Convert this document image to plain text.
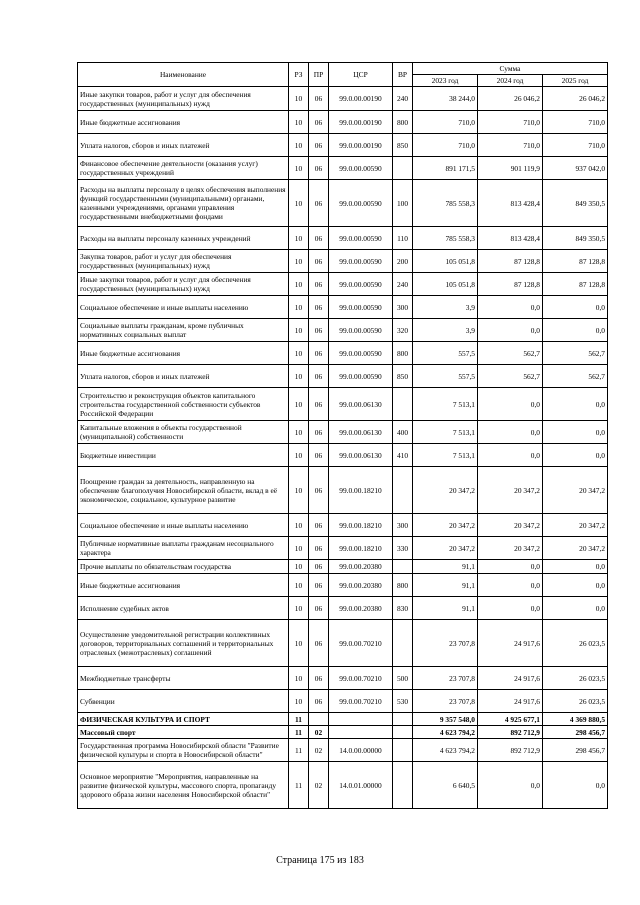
Наименование	РЗ	ПР	ЦСР	ВР	Сумма		
					2023 год	2024 год	2025 год
Иные закупки товаров, работ и услуг для обеспечения государственных (муниципальных) нужд	10	06	99.0.00.00190	240	38 244,0	26 046,2	26 046,2
Иные бюджетные ассигнования	10	06	99.0.00.00190	800	710,0	710,0	710,0
Уплата налогов, сборов и иных платежей	10	06	99.0.00.00190	850	710,0	710,0	710,0
Финансовое обеспечение деятельности (оказания услуг) государственных учреждений	10	06	99.0.00.00590		891 171,5	901 119,9	937 042,0
Расходы на выплаты персоналу в целях обеспечения выполнения функций государственными (муниципальными) органами, казенными учреждениями, органами управления государственными внебюджетными фондами	10	06	99.0.00.00590	100	785 558,3	813 428,4	849 350,5
Расходы на выплаты персоналу казенных учреждений	10	06	99.0.00.00590	110	785 558,3	813 428,4	849 350,5
Закупка товаров, работ и услуг для обеспечения государственных (муниципальных) нужд	10	06	99.0.00.00590	200	105 051,8	87 128,8	87 128,8
Иные закупки товаров, работ и услуг для обеспечения государственных (муниципальных) нужд	10	06	99.0.00.00590	240	105 051,8	87 128,8	87 128,8
Социальное обеспечение и иные выплаты населению	10	06	99.0.00.00590	300	3,9	0,0	0,0
Социальные выплаты гражданам, кроме публичных нормативных социальных выплат	10	06	99.0.00.00590	320	3,9	0,0	0,0
Иные бюджетные ассигнования	10	06	99.0.00.00590	800	557,5	562,7	562,7
Уплата налогов, сборов и иных платежей	10	06	99.0.00.00590	850	557,5	562,7	562,7
Строительство и реконструкция объектов капитального строительства государственной собственности субъектов Российской Федерации	10	06	99.0.00.06130		7 513,1	0,0	0,0
Капитальные вложения в объекты государственной (муниципальной) собственности	10	06	99.0.00.06130	400	7 513,1	0,0	0,0
Бюджетные инвестиции	10	06	99.0.00.06130	410	7 513,1	0,0	0,0
Поощрение граждан за деятельность, направленную на обеспечение благополучия Новосибирской области, вклад в её экономическое, социальное, культурное развитие	10	06	99.0.00.18210		20 347,2	20 347,2	20 347,2
Социальное обеспечение и иные выплаты населению	10	06	99.0.00.18210	300	20 347,2	20 347,2	20 347,2
Публичные нормативные выплаты гражданам несоциального характера	10	06	99.0.00.18210	330	20 347,2	20 347,2	20 347,2
Прочие выплаты по обязательствам государства	10	06	99.0.00.20380		91,1	0,0	0,0
Иные бюджетные ассигнования	10	06	99.0.00.20380	800	91,1	0,0	0,0
Исполнение судебных актов	10	06	99.0.00.20380	830	91,1	0,0	0,0
Осуществление уведомительной регистрации коллективных договоров, территориальных соглашений и территориальных отраслевых (межотраслевых) соглашений	10	06	99.0.00.70210		23 707,8	24 917,6	26 023,5
Межбюджетные трансферты	10	06	99.0.00.70210	500	23 707,8	24 917,6	26 023,5
Субвенции	10	06	99.0.00.70210	530	23 707,8	24 917,6	26 023,5
ФИЗИЧЕСКАЯ КУЛЬТУРА И СПОРТ	11				9 357 548,0	4 925 677,1	4 369 880,5
Массовый спорт	11	02			4 623 794,2	892 712,9	298 456,7
Государственная программа Новосибирской области "Развитие физической культуры и спорта в Новосибирской области"	11	02	14.0.00.00000		4 623 794,2	892 712,9	298 456,7
Основное мероприятие "Мероприятия, направленные на развитие физической культуры, массового спорта, пропаганду здорового образа жизни населения Новосибирской области"	11	02	14.0.01.00000		6 640,5	0,0	0,0
Страница 175 из 183
